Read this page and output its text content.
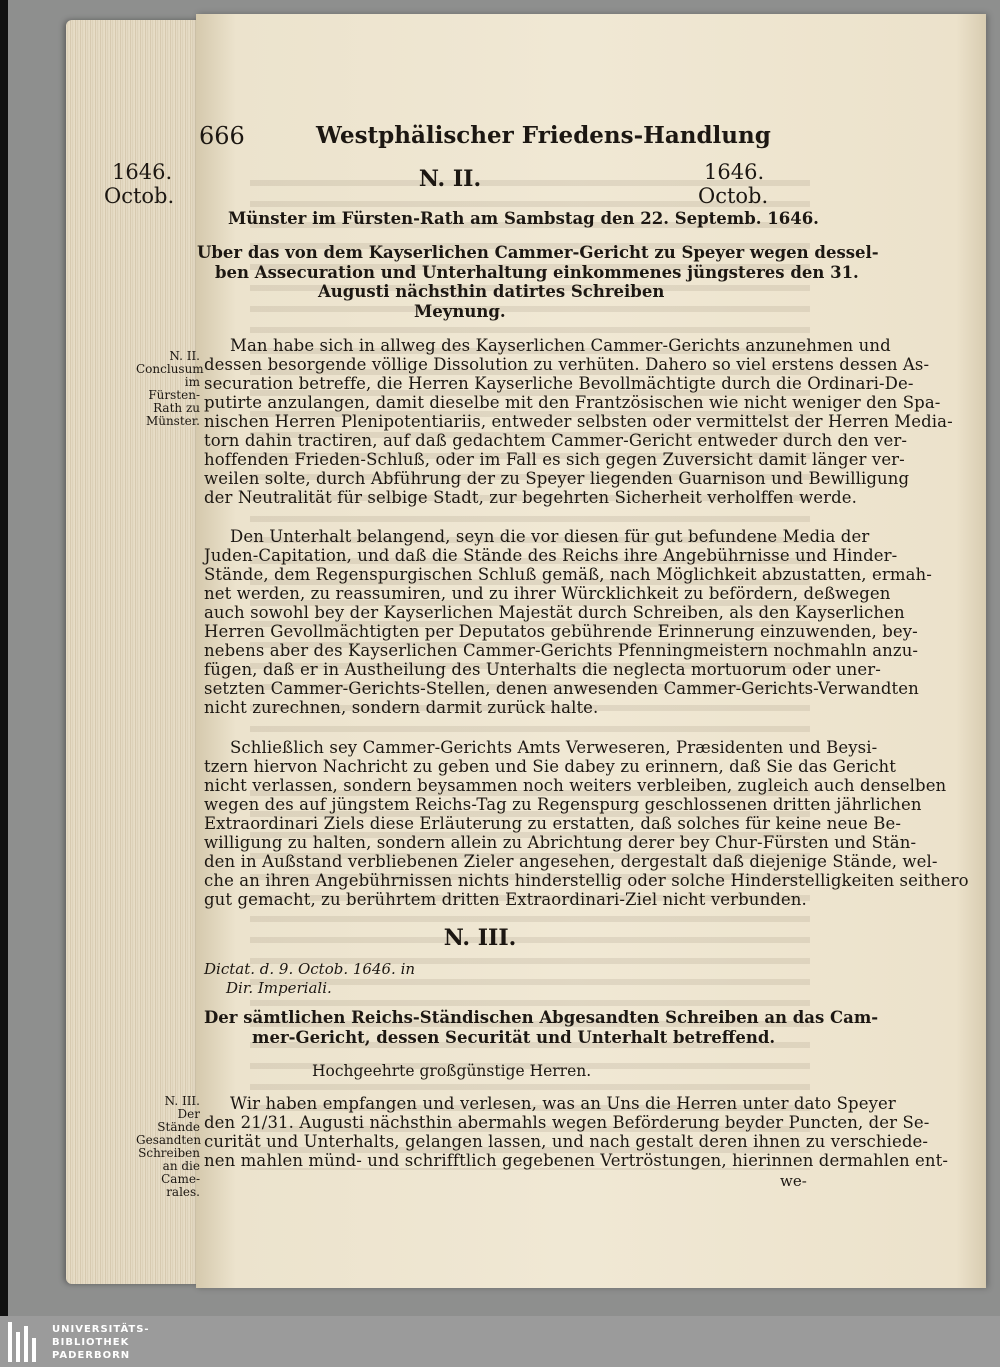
666	Westphälischer Friedens-Handlung
1646.
Octob.
1646.
Octob.
N. II.
Münster im Fürsten-Rath am Sambstag den 22. Septemb. 1646.
Uber das von dem Kayserlichen Cammer-Gericht zu Speyer wegen dessel-
ben Assecuration und Unterhaltung einkommenes jüngsteres den 31.
Augusti nächsthin datirtes Schreiben
Meynung.
N. II.
Conclusum
im Fürsten-
Rath zu
Münster.
Man habe sich in allweg des Kayserlichen Cammer-Gerichts anzunehmen und
dessen besorgende völlige Dissolution zu verhüten. Dahero so viel erstens dessen As-
securation betreffe, die Herren Kayserliche Bevollmächtigte durch die Ordinari-De-
putirte anzulangen, damit dieselbe mit den Frantzösischen wie nicht weniger den Spa-
nischen Herren Plenipotentiariis, entweder selbsten oder vermittelst der Herren Media-
torn dahin tractiren, auf daß gedachtem Cammer-Gericht entweder durch den ver-
hoffenden Frieden-Schluß, oder im Fall es sich gegen Zuversicht damit länger ver-
weilen solte, durch Abführung der zu Speyer liegenden Guarnison und Bewilligung
der Neutralität für selbige Stadt, zur begehrten Sicherheit verholffen werde.
Den Unterhalt belangend, seyn die vor diesen für gut befundene Media der
Juden-Capitation, und daß die Stände des Reichs ihre Angebührnisse und Hinder-
Stände, dem Regenspurgischen Schluß gemäß, nach Möglichkeit abzustatten, ermah-
net werden, zu reassumiren, und zu ihrer Würcklichkeit zu befördern, deßwegen
auch sowohl bey der Kayserlichen Majestät durch Schreiben, als den Kayserlichen
Herren Gevollmächtigten per Deputatos gebührende Erinnerung einzuwenden, bey-
nebens aber des Kayserlichen Cammer-Gerichts Pfenningmeistern nochmahln anzu-
fügen, daß er in Austheilung des Unterhalts die neglecta mortuorum oder uner-
setzten Cammer-Gerichts-Stellen, denen anwesenden Cammer-Gerichts-Verwandten
nicht zurechnen, sondern darmit zurück halte.
Schließlich sey Cammer-Gerichts Amts Verweseren, Præsidenten und Beysi-
tzern hiervon Nachricht zu geben und Sie dabey zu erinnern, daß Sie das Gericht
nicht verlassen, sondern beysammen noch weiters verbleiben, zugleich auch denselben
wegen des auf jüngstem Reichs-Tag zu Regenspurg geschlossenen dritten jährlichen
Extraordinari Ziels diese Erläuterung zu erstatten, daß solches für keine neue Be-
willigung zu halten, sondern allein zu Abrichtung derer bey Chur-Fürsten und Stän-
den in Außstand verbliebenen Zieler angesehen, dergestalt daß diejenige Stände, wel-
che an ihren Angebührnissen nichts hinderstellig oder solche Hinderstelligkeiten seithero
gut gemacht, zu berührtem dritten Extraordinari-Ziel nicht verbunden.
N. III.
Dictat. d. 9. Octob. 1646. in
Dir. Imperiali.
Der sämtlichen Reichs-Ständischen Abgesandten Schreiben an das Cam-
mer-Gericht, dessen Securität und Unterhalt betreffend.
Hochgeehrte großgünstige Herren.
N. III.
Der Stände
Gesandten
Schreiben
an die Came-
rales.
Wir haben empfangen und verlesen, was an Uns die Herren unter dato Speyer
den 21/31. Augusti nächsthin abermahls wegen Beförderung beyder Puncten, der Se-
curität und Unterhalts, gelangen lassen, und nach gestalt deren ihnen zu verschiede-
nen mahlen münd- und schrifftlich gegebenen Vertröstungen, hierinnen dermahlen ent-
we-
UNIVERSITÄTS-
BIBLIOTHEK
PADERBORN
